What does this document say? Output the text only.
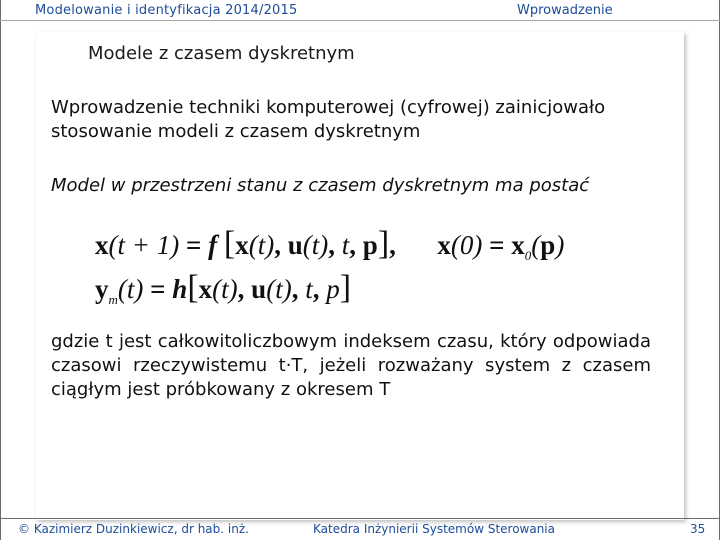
Modelowanie i identyfikacja 2014/2015	Wprowadzenie
Modele z czasem dyskretnym
Wprowadzenie techniki komputerowej (cyfrowej) zainicjowało stosowanie modeli z czasem dyskretnym
Model w przestrzeni stanu z czasem dyskretnym ma postać
x(t + 1) = f [x(t), u(t), t, p], $x(0) = x_0(p)$
$y_m(t) = h[x(t)$, u(t), t, p]
gdzie t jest całkowitoliczbowym indeksem czasu, który odpowiada czasowi rzeczywistemu t·T, jeżeli rozważany system z czasem ciągłym jest próbkowany z okresem T
© Kazimierz Duzinkiewicz, dr hab. inż.	Katedra Inżynierii Systemów Sterowania	35
